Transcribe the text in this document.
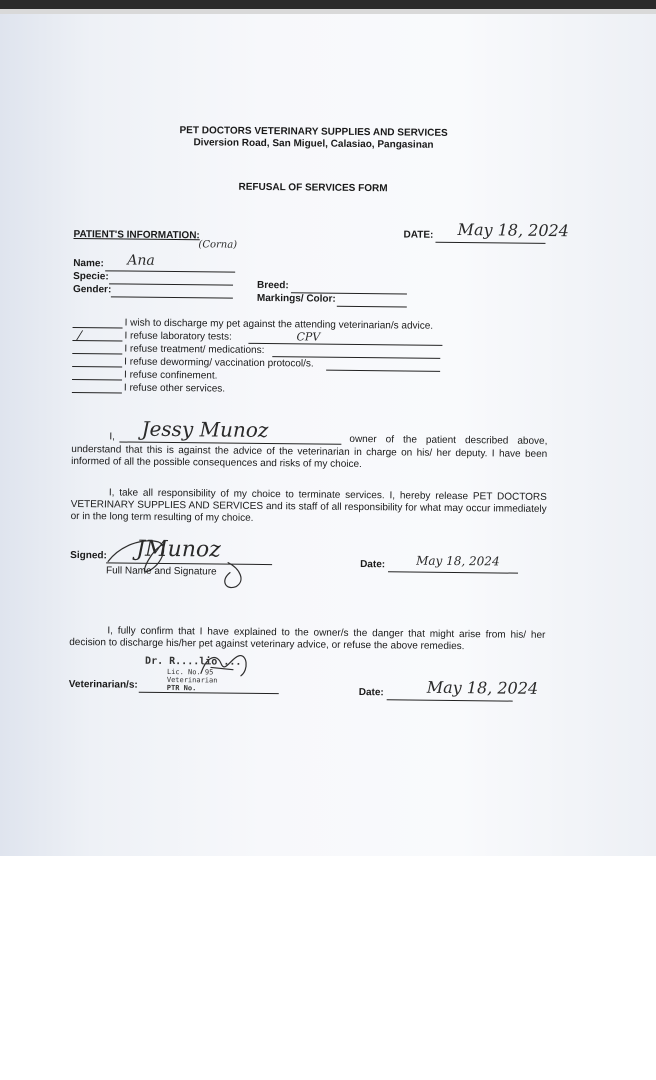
PET DOCTORS VETERINARY SUPPLIES AND SERVICES
Diversion Road, San Miguel, Calasiao, Pangasinan
REFUSAL OF SERVICES FORM
PATIENT'S INFORMATION:	DATE: May 18, 2024
(Corna)
Name: Ana
Specie:
Gender:	Breed:
Markings/ Color:
I wish to discharge my pet against the attending veterinarian/s advice.
⁄	I refuse laboratory tests:	CPV
I refuse treatment/ medications:
I refuse deworming/ vaccination protocol/s.
I refuse confinement.
I refuse other services.
I, Jessy Munoz	owner of the patient described above,
understand that this is against the advice of the veterinarian in charge on his/ her deputy. I have been informed of all the possible consequences and risks of my choice.
I, take all responsibility of my choice to terminate services. I, hereby release PET DOCTORS VETERINARY SUPPLIES AND SERVICES and its staff of all responsibility for what may occur immediately or in the long term resulting of my choice.
Signed: JMunoz
Full Name and Signature
Date:	May 18, 2024
I, fully confirm that I have explained to the owner/s the danger that might arise from his/ her decision to discharge his/her pet against veterinary advice, or refuse the above remedies.
Dr. R....lio ...
Lic. No. 95
Veterinarian
PTR No.
Veterinarian/s:
Date:	May 18, 2024
